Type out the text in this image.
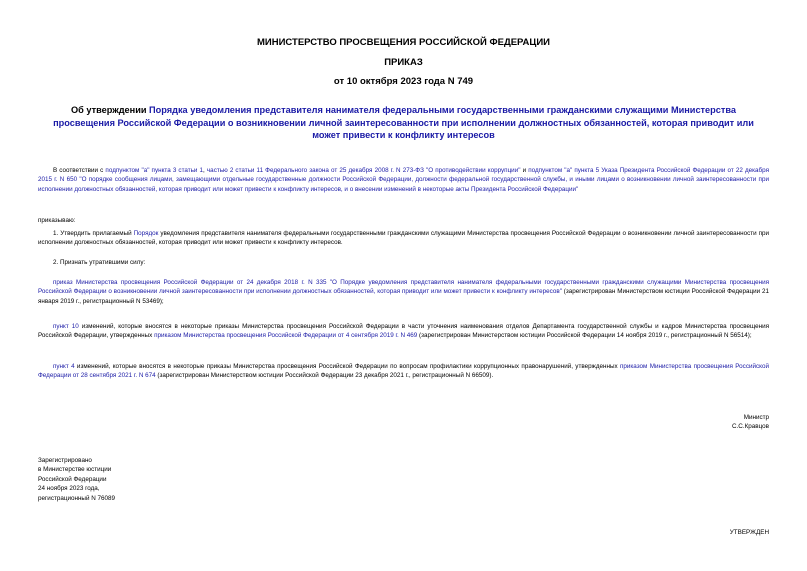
МИНИСТЕРСТВО ПРОСВЕЩЕНИЯ РОССИЙСКОЙ ФЕДЕРАЦИИ
ПРИКАЗ
от 10 октября 2023 года N 749
Об утверждении Порядка уведомления представителя нанимателя федеральными государственными гражданскими служащими Министерства просвещения Российской Федерации о возникновении личной заинтересованности при исполнении должностных обязанностей, которая приводит или может привести к конфликту интересов
В соответствии с подпунктом "а" пункта 3 статьи 1, частью 2 статьи 11 Федерального закона от 25 декабря 2008 г. N 273-ФЗ "О противодействии коррупции" и подпунктом "а" пункта 5 Указа Президента Российской Федерации от 22 декабря 2015 г. N 650 "О порядке сообщения лицами, замещающими отдельные государственные должности Российской Федерации, должности федеральной государственной службы, и иными лицами о возникновении личной заинтересованности при исполнении должностных обязанностей, которая приводит или может привести к конфликту интересов, и о внесении изменений в некоторые акты Президента Российской Федерации"
приказываю:
1. Утвердить прилагаемый Порядок уведомления представителя нанимателя федеральными государственными гражданскими служащими Министерства просвещения Российской Федерации о возникновении личной заинтересованности при исполнении должностных обязанностей, которая приводит или может привести к конфликту интересов.
2. Признать утратившими силу:
приказ Министерства просвещения Российской Федерации от 24 декабря 2018 г. N 335 "О Порядке уведомления представителя нанимателя федеральными государственными гражданскими служащими Министерства просвещения Российской Федерации о возникновении личной заинтересованности при исполнении должностных обязанностей, которая приводит или может привести к конфликту интересов" (зарегистрирован Министерством юстиции Российской Федерации 21 января 2019 г., регистрационный N 53469);
пункт 10 изменений, которые вносятся в некоторые приказы Министерства просвещения Российской Федерации в части уточнения наименования отделов Департамента государственной службы и кадров Министерства просвещения Российской Федерации, утвержденных приказом Министерства просвещения Российской Федерации от 4 сентября 2019 г. N 469 (зарегистрирован Министерством юстиции Российской Федерации 14 ноября 2019 г., регистрационный N 56514);
пункт 4 изменений, которые вносятся в некоторые приказы Министерства просвещения Российской Федерации по вопросам профилактики коррупционных правонарушений, утвержденных приказом Министерства просвещения Российской Федерации от 28 сентября 2021 г. N 674 (зарегистрирован Министерством юстиции Российской Федерации 23 декабря 2021 г., регистрационный N 66509).
Министр
С.С.Кравцов
Зарегистрировано
в Министерстве юстиции
Российской Федерации
24 ноября 2023 года,
регистрационный N 76089
УТВЕРЖДЕН
